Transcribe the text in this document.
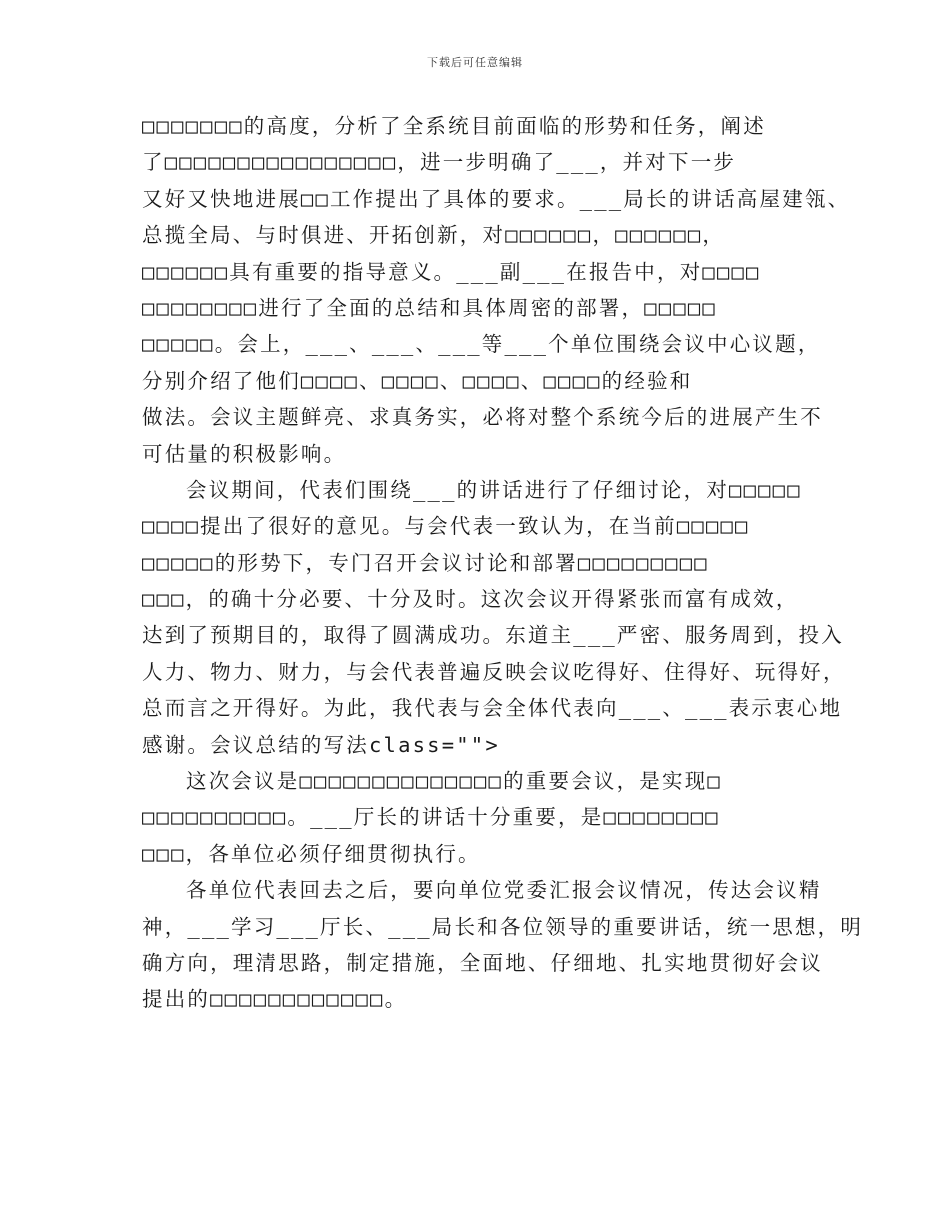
下载后可任意编辑
□□□□□□□的高度，分析了全系统目前面临的形势和任务，阐述
了□□□□□□□□□□□□□□□□，进一步明确了___，并对下一步
又好又快地进展□□工作提出了具体的要求。___局长的讲话高屋建瓴、
总揽全局、与时俱进、开拓创新，对□□□□□□，□□□□□□，
□□□□□□具有重要的指导意义。___副___在报告中，对□□□□
□□□□□□□□进行了全面的总结和具体周密的部署，□□□□□
□□□□□。会上，___、___、___等___个单位围绕会议中心议题，
分别介绍了他们□□□□、□□□□、□□□□、□□□□的经验和
做法。会议主题鲜亮、求真务实，必将对整个系统今后的进展产生不
可估量的积极影响。
会议期间，代表们围绕___的讲话进行了仔细讨论，对□□□□□
□□□□提出了很好的意见。与会代表一致认为，在当前□□□□□
□□□□□的形势下，专门召开会议讨论和部署□□□□□□□□□
□□□，的确十分必要、十分及时。这次会议开得紧张而富有成效，
达到了预期目的，取得了圆满成功。东道主___严密、服务周到，投入
人力、物力、财力，与会代表普遍反映会议吃得好、住得好、玩得好，
总而言之开得好。为此，我代表与会全体代表向___、___表示衷心地
感谢。会议总结的写法class="">
这次会议是□□□□□□□□□□□□□□的重要会议，是实现□
□□□□□□□□□□。___厅长的讲话十分重要，是□□□□□□□□
□□□，各单位必须仔细贯彻执行。
各单位代表回去之后，要向单位党委汇报会议情况，传达会议精
神，___学习___厅长、___局长和各位领导的重要讲话，统一思想，明
确方向，理清思路，制定措施，全面地、仔细地、扎实地贯彻好会议
提出的□□□□□□□□□□□□。
